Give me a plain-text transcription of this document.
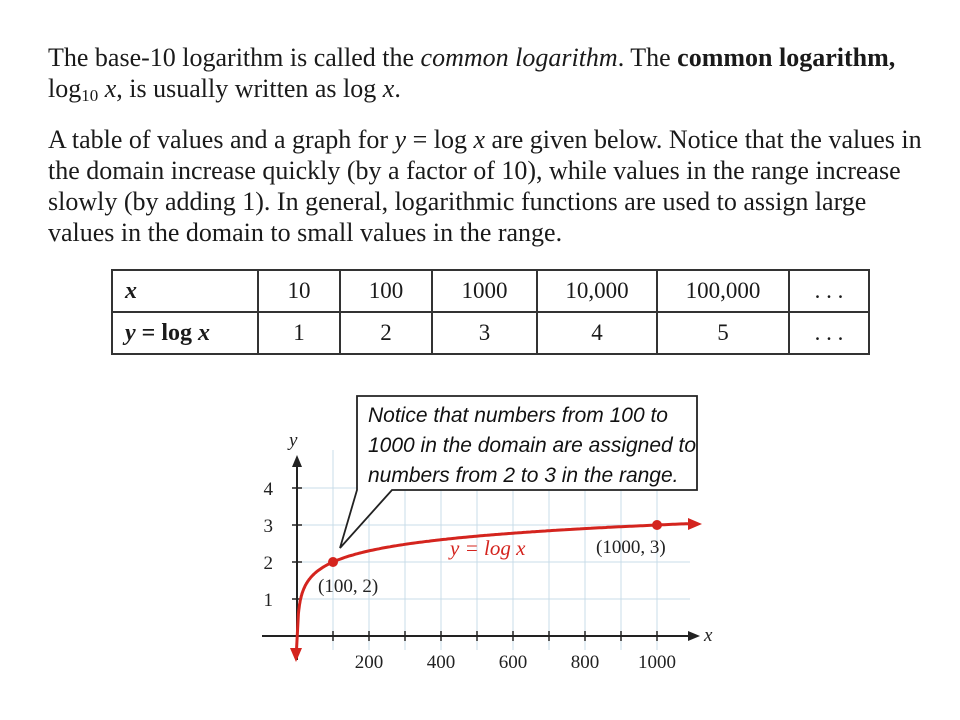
The base-10 logarithm is called the common logarithm. The common logarithm, $\log_{10} x$, is usually written as log x.

A table of values and a graph for y = log x are given below. Notice that the values in the domain increase quickly (by a factor of 10), while values in the range increase slowly (by adding 1). In general, logarithmic functions are used to assign large values in the domain to small values in the range.

x	10	100	1000	10,000	100,000	. . .
y = log x	1	2	3	4	5	. . .
x
y
200 400 600 800 1000
1
2
3
4
(100, 2)
(1000, 3)
y = log x
Notice that numbers from 100 to
1000 in the domain are assigned to
numbers from 2 to 3 in the range.
